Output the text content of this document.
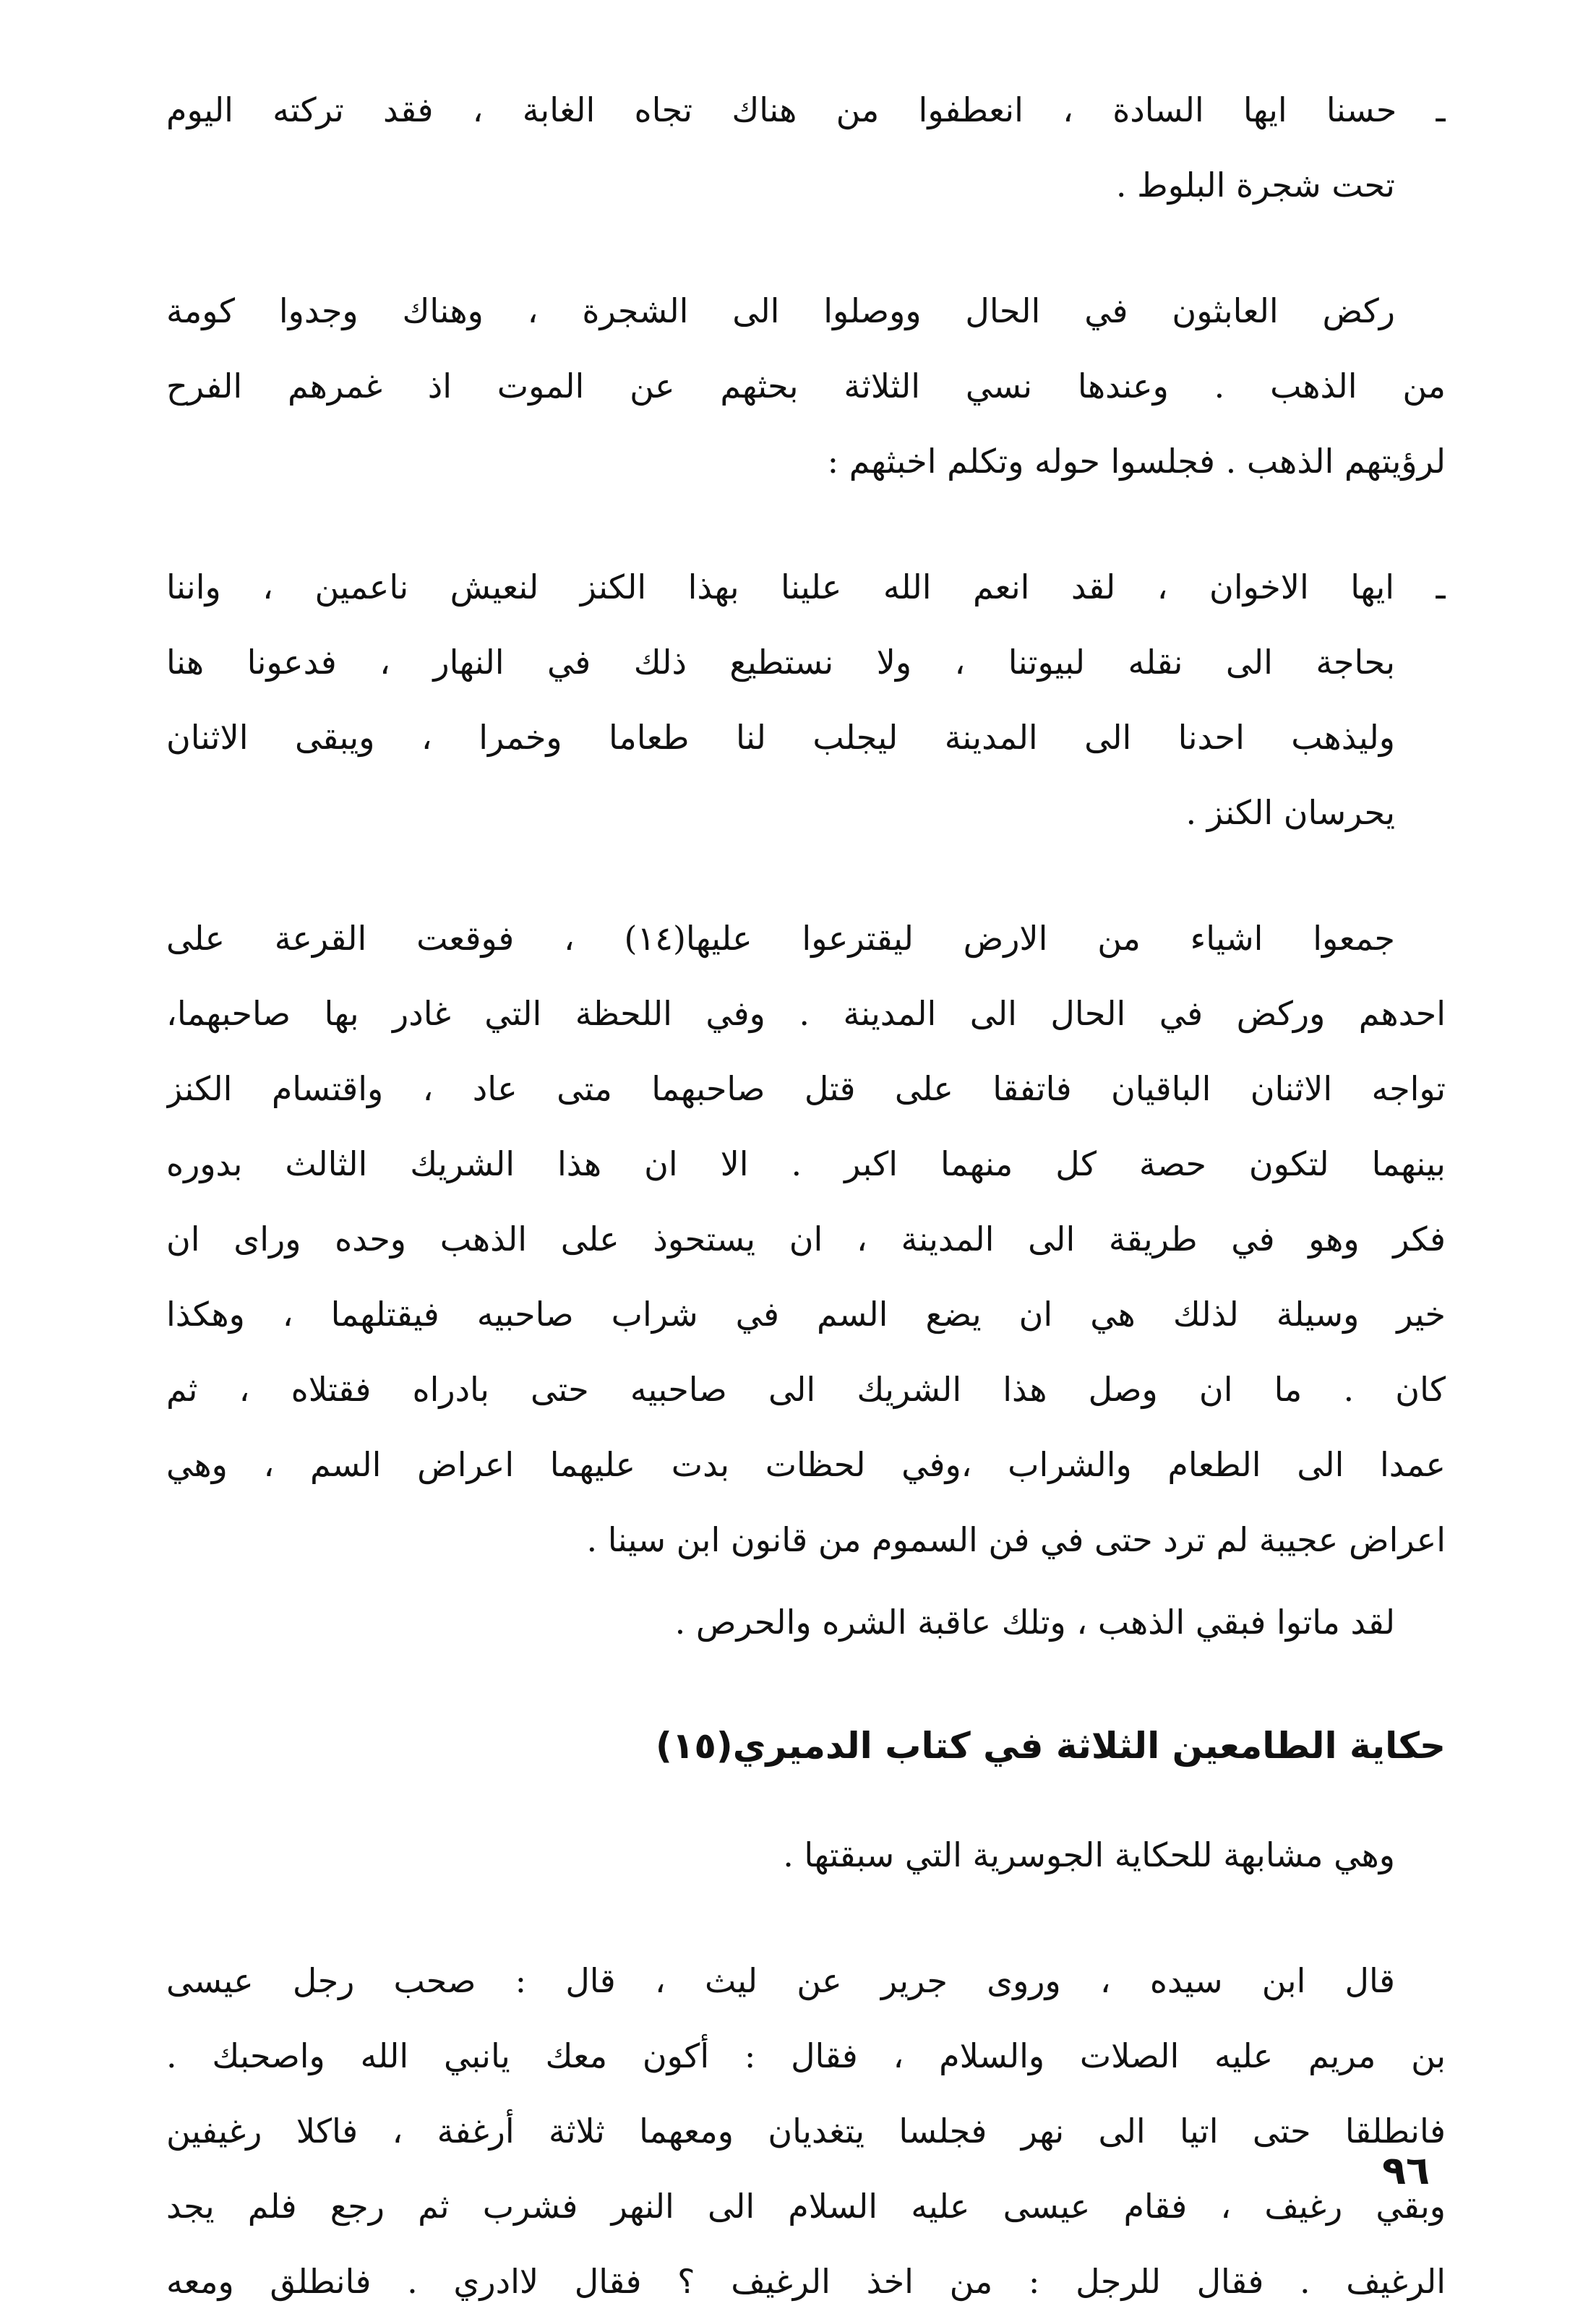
ـ حسنا ايها السادة ، انعطفوا من هناك تجاه الغابة ، فقد تركته اليوم
تحت شجرة البلوط .
ركض العابثون في الحال ووصلوا الى الشجرة ، وهناك وجدوا كومة
من الذهب . وعندها نسي الثلاثة بحثهم عن الموت اذ غمرهم الفرح
لرؤيتهم الذهب . فجلسوا حوله وتكلم اخبثهم :
ـ ايها الاخوان ، لقد انعم الله علينا بهذا الكنز لنعيش ناعمين ، واننا
بحاجة الى نقله لبيوتنا ، ولا نستطيع ذلك في النهار ، فدعونا هنا
وليذهب احدنا الى المدينة ليجلب لنا طعاما وخمرا ، ويبقى الاثنان
يحرسان الكنز .
جمعوا اشياء من الارض ليقترعوا عليها(١٤) ، فوقعت القرعة على
احدهم وركض في الحال الى المدينة . وفي اللحظة التي غادر بها صاحبهما،
تواجه الاثنان الباقيان فاتفقا على قتل صاحبهما متى عاد ، واقتسام الكنز
بينهما لتكون حصة كل منهما اكبر . الا ان هذا الشريك الثالث بدوره
فكر وهو في طريقة الى المدينة ، ان يستحوذ على الذهب وحده وراى ان
خير وسيلة لذلك هي ان يضع السم في شراب صاحبيه فيقتلهما ، وهكذا
كان . ما ان وصل هذا الشريك الى صاحبيه حتى بادراه فقتلاه ، ثم
عمدا الى الطعام والشراب ،وفي لحظات بدت عليهما اعراض السم ، وهي
اعراض عجيبة لم ترد حتى في فن السموم من قانون ابن سينا .
لقد ماتوا فبقي الذهب ، وتلك عاقبة الشره والحرص .
حكاية الطامعين الثلاثة في كتاب الدميري(١٥)
وهي مشابهة للحكاية الجوسرية التي سبقتها .
قال ابن سيده ، وروى جرير عن ليث ، قال : صحب رجل عيسى
بن مريم عليه الصلات والسلام ، فقال : أكون معك يانبي الله واصحبك .
فانطلقا حتى اتيا الى نهر فجلسا يتغديان ومعهما ثلاثة أرغفة ، فاكلا رغيفين
وبقي رغيف ، فقام عيسى عليه السلام الى النهر فشرب ثم رجع فلم يجد
الرغيف . فقال للرجل : من اخذ الرغيف ؟ فقال لاادري . فانطلق ومعه
٩٦
